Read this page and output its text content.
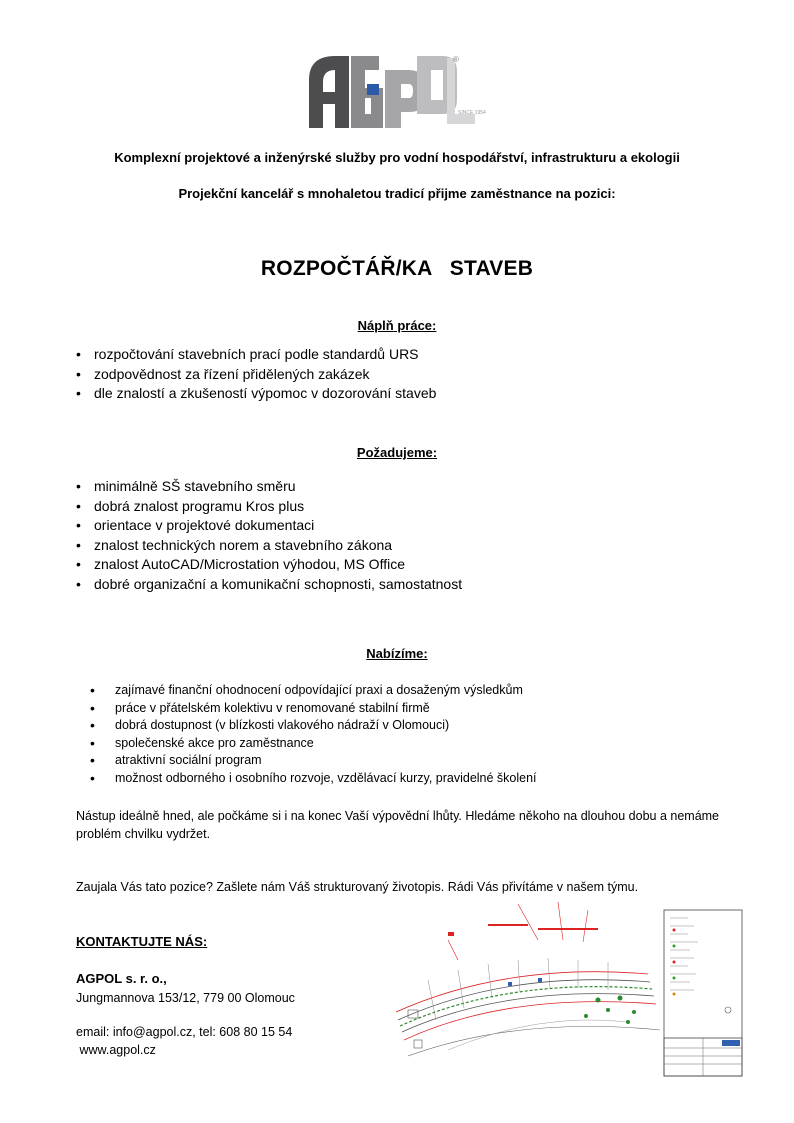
®
SINCE 1954
Komplexní projektové a inženýrské služby pro vodní hospodářství, infrastrukturu a ekologii
Projekční kancelář s mnohaletou tradicí přijme zaměstnance na pozici:
ROZPOČTÁŘ/KA   STAVEB
Náplň práce:
• rozpočtování stavebních prací podle standardů URS
• zodpovědnost za řízení přidělených zakázek
• dle znalostí a zkušeností výpomoc v dozorování staveb
Požadujeme:
• minimálně SŠ stavebního směru
• dobrá znalost programu Kros plus
• orientace v projektové dokumentaci
• znalost technických norem a stavebního zákona
• znalost AutoCAD/Microstation výhodou, MS Office
• dobré organizační a komunikační schopnosti, samostatnost
Nabízíme:
• zajímavé finanční ohodnocení odpovídající praxi a dosaženým výsledkům
• práce v přátelském kolektivu v renomované stabilní firmě
• dobrá dostupnost (v blízkosti vlakového nádraží v Olomouci)
• společenské akce pro zaměstnance
• atraktivní sociální program
• možnost odborného i osobního rozvoje, vzdělávací kurzy, pravidelné školení
Nástup ideálně hned, ale počkáme si i na konec Vaší výpovědní lhůty. Hledáme někoho na dlouhou dobu a nemáme problém chvilku vydržet.
Zaujala Vás tato pozice? Zašlete nám Váš strukturovaný životopis. Rádi Vás přivítáme v našem týmu.
KONTAKTUJTE NÁS:
AGPOL s. r. o.,
Jungmannova 153/12, 779 00 Olomouc
email: info@agpol.cz, tel: 608 80 15 54
www.agpol.cz
